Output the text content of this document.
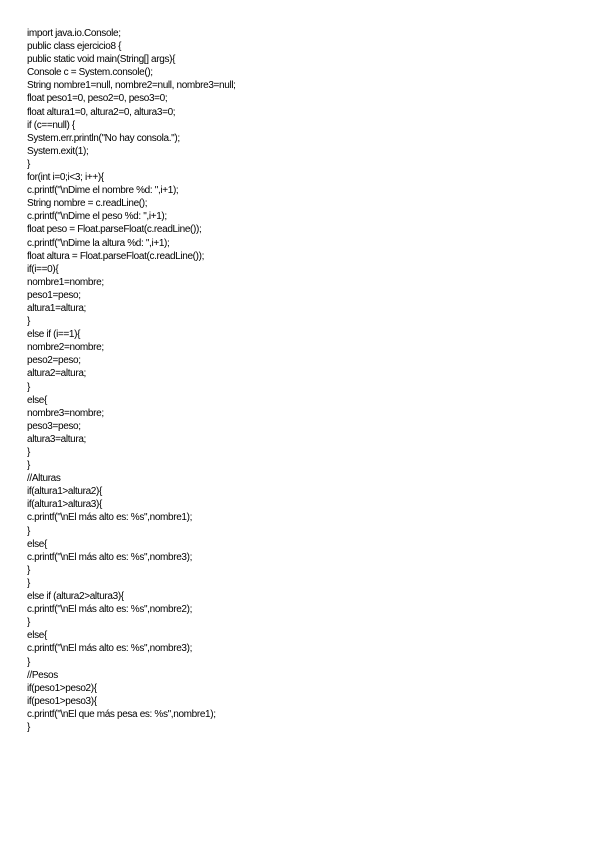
import java.io.Console;
public class ejercicio8 {
public static void main(String[] args){
Console c = System.console();
String nombre1=null, nombre2=null, nombre3=null;
float peso1=0, peso2=0, peso3=0;
float altura1=0, altura2=0, altura3=0;
if (c==null) {
System.err.println("No hay consola.");
System.exit(1);
}
for(int i=0;i<3; i++){
c.printf("\nDime el nombre %d: ",i+1);
String nombre = c.readLine();
c.printf("\nDime el peso %d: ",i+1);
float peso = Float.parseFloat(c.readLine());
c.printf("\nDime la altura %d: ",i+1);
float altura = Float.parseFloat(c.readLine());
if(i==0){
nombre1=nombre;
peso1=peso;
altura1=altura;
}
else if (i==1){
nombre2=nombre;
peso2=peso;
altura2=altura;
}
else{
nombre3=nombre;
peso3=peso;
altura3=altura;
}
}
//Alturas
if(altura1>altura2){
if(altura1>altura3){
c.printf("\nEl más alto es: %s",nombre1);
}
else{
c.printf("\nEl más alto es: %s",nombre3);
}
}
else if (altura2>altura3){
c.printf("\nEl más alto es: %s",nombre2);
}
else{
c.printf("\nEl más alto es: %s",nombre3);
}
//Pesos
if(peso1>peso2){
if(peso1>peso3){
c.printf("\nEl que más pesa es: %s",nombre1);
}
